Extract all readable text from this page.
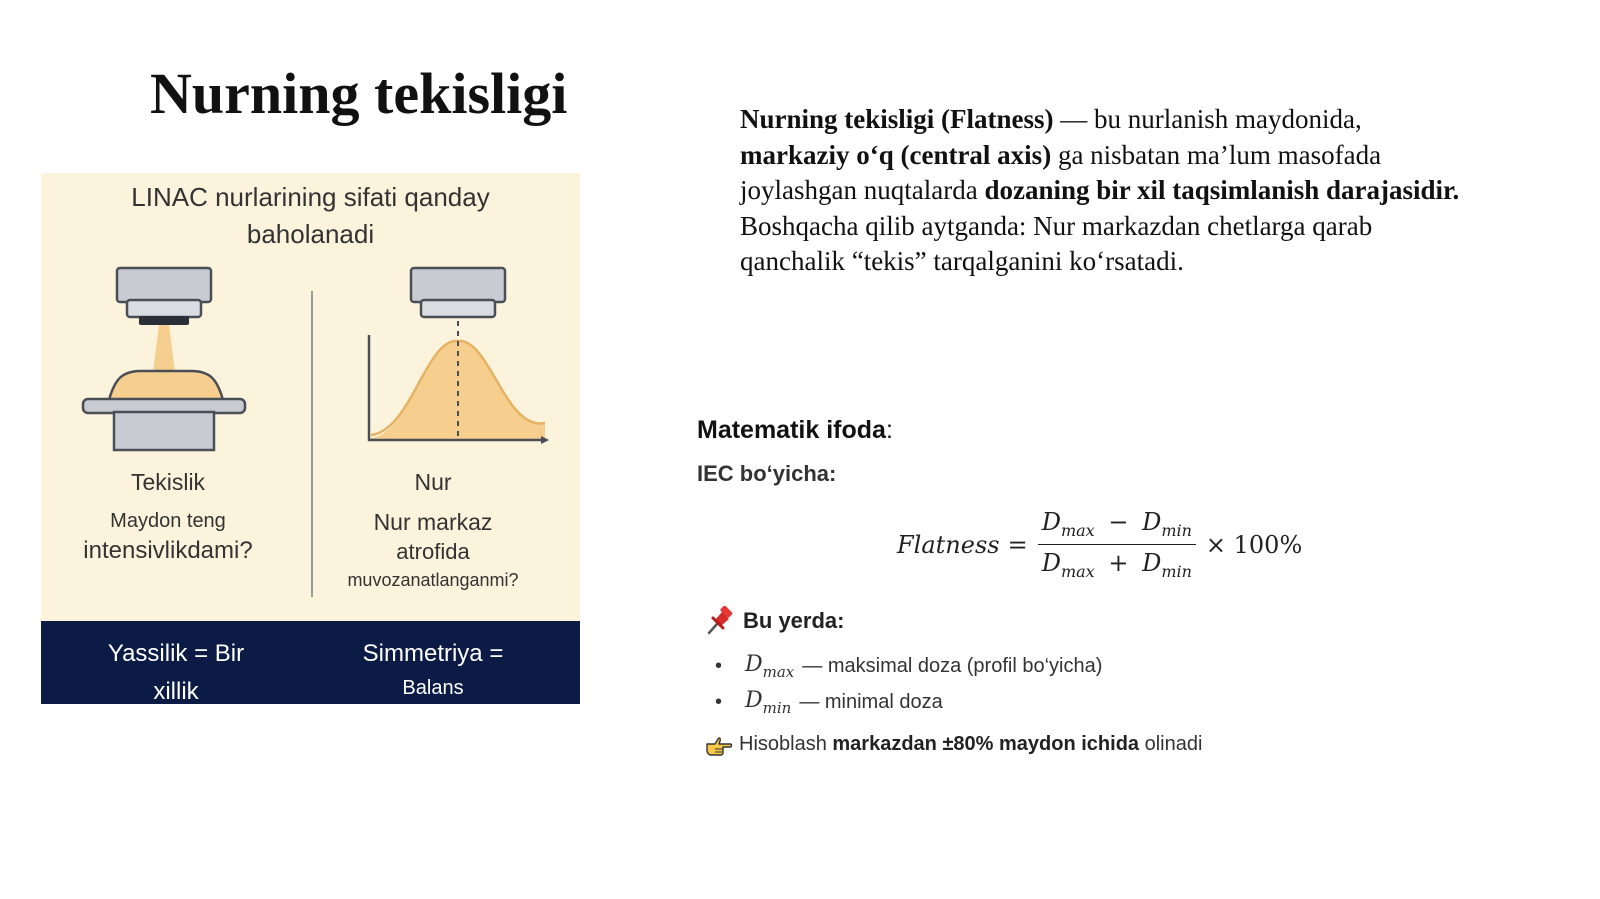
Nurning tekisligi
LINAC nurlarining sifati qanday
baholanadi
Tekislik
Maydon teng
intensivlikdami?
Nur
Nur markaz
atrofida
muvozanatlanganmi?
Yassilik = Bir
xillik
Simmetriya =
Balans

Nurning tekisligi (Flatness) — bu nurlanish maydonida, markaziy o‘q (central axis) ga nisbatan ma’lum masofada joylashgan nuqtalarda dozaning bir xil taqsimlanish darajasidir.
Boshqacha qilib aytganda: Nur markazdan chetlarga qarab qanchalik “tekis” tarqalganini ko‘rsatadi.

Matematik ifoda:
IEC bo‘yicha:
Flatness = $\frac{D_{max} - D_{min}}{D_{max} + D_{min}} \times 100\%$
Bu yerda:
•	$D_{max}$ — maksimal doza (profil bo‘yicha)
•	$D_{min}$ — minimal doza
Hisoblash markazdan ±80% maydon ichida olinadi
